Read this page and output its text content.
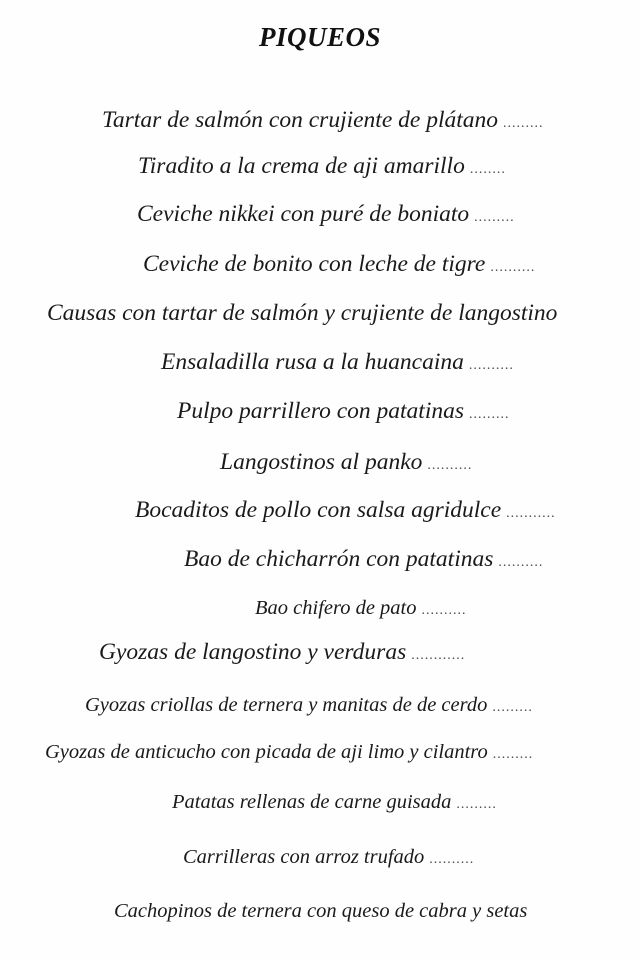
PIQUEOS
Tartar de salmón con crujiente de plátano .........
Tiradito a la crema de aji amarillo ........
Ceviche nikkei con puré de boniato .........
Ceviche de bonito con leche de tigre ..........
Causas con tartar de salmón y crujiente de langostino
Ensaladilla rusa a la huancaina ..........
Pulpo parrillero con patatinas .........
Langostinos al panko ..........
Bocaditos de pollo con salsa agridulce ...........
Bao de chicharrón con patatinas ..........
Bao chifero de pato ..........
Gyozas de langostino y verduras ............
Gyozas criollas de ternera y manitas de de cerdo .........
Gyozas de anticucho con picada de aji limo y cilantro .........
Patatas rellenas de carne guisada .........
Carrilleras con arroz trufado ..........
Cachopinos de ternera con queso de cabra y setas
